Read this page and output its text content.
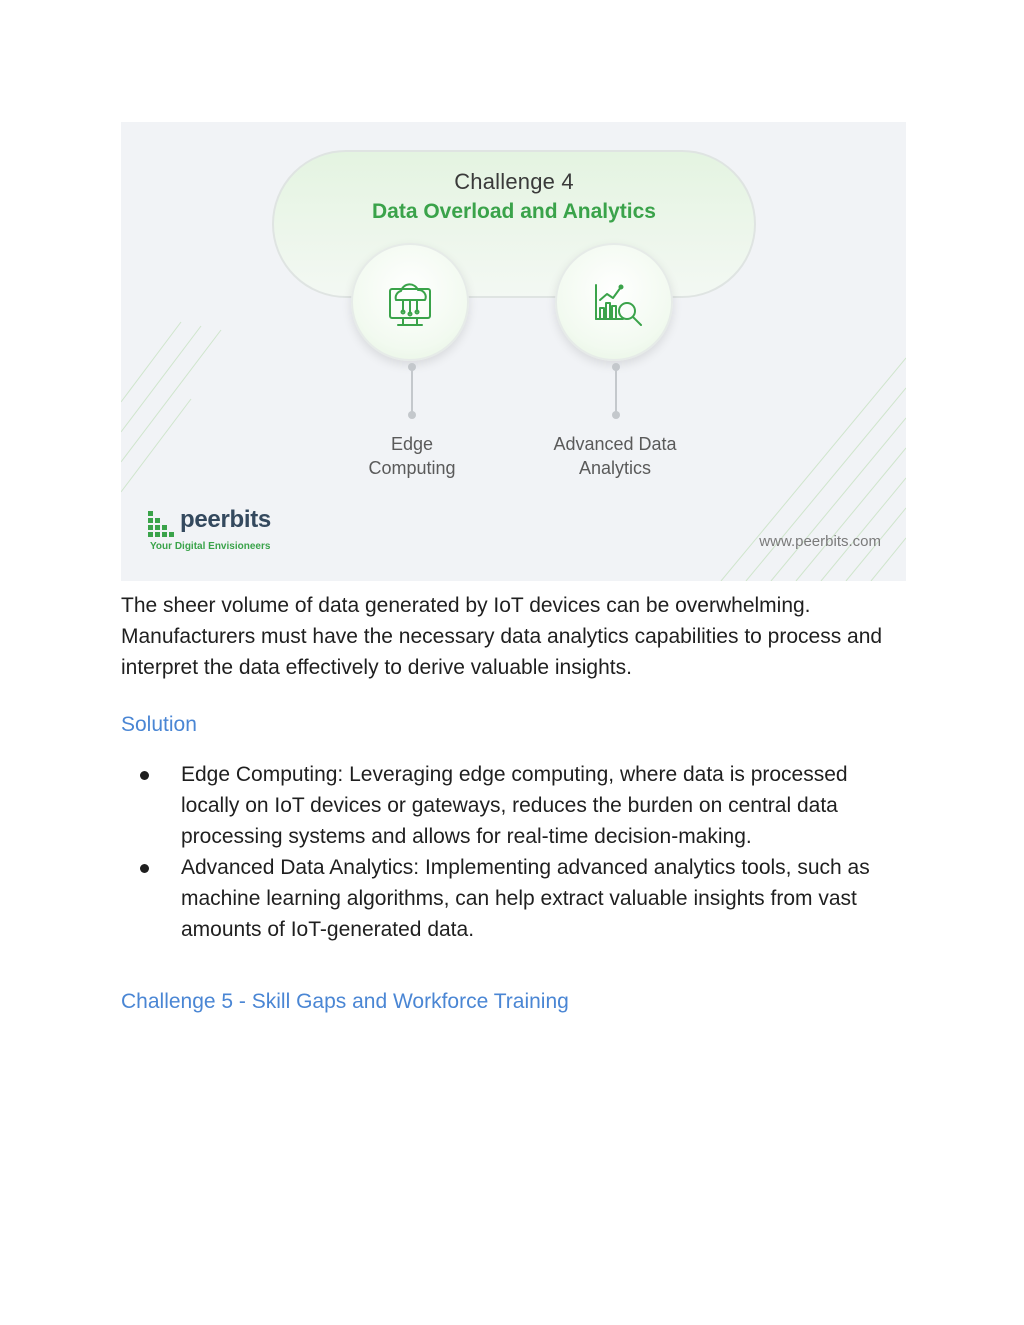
Challenge 4
Data Overload and Analytics
Edge
Computing
Advanced Data
Analytics
peerbits
Your Digital Envisioneers	www.peerbits.com

The sheer volume of data generated by IoT devices can be overwhelming. Manufacturers must have the necessary data analytics capabilities to process and interpret the data effectively to derive valuable insights.

Solution
Edge Computing: Leveraging edge computing, where data is processed locally on IoT devices or gateways, reduces the burden on central data processing systems and allows for real-time decision-making.
Advanced Data Analytics: Implementing advanced analytics tools, such as machine learning algorithms, can help extract valuable insights from vast amounts of IoT-generated data.
Challenge 5 - Skill Gaps and Workforce Training
